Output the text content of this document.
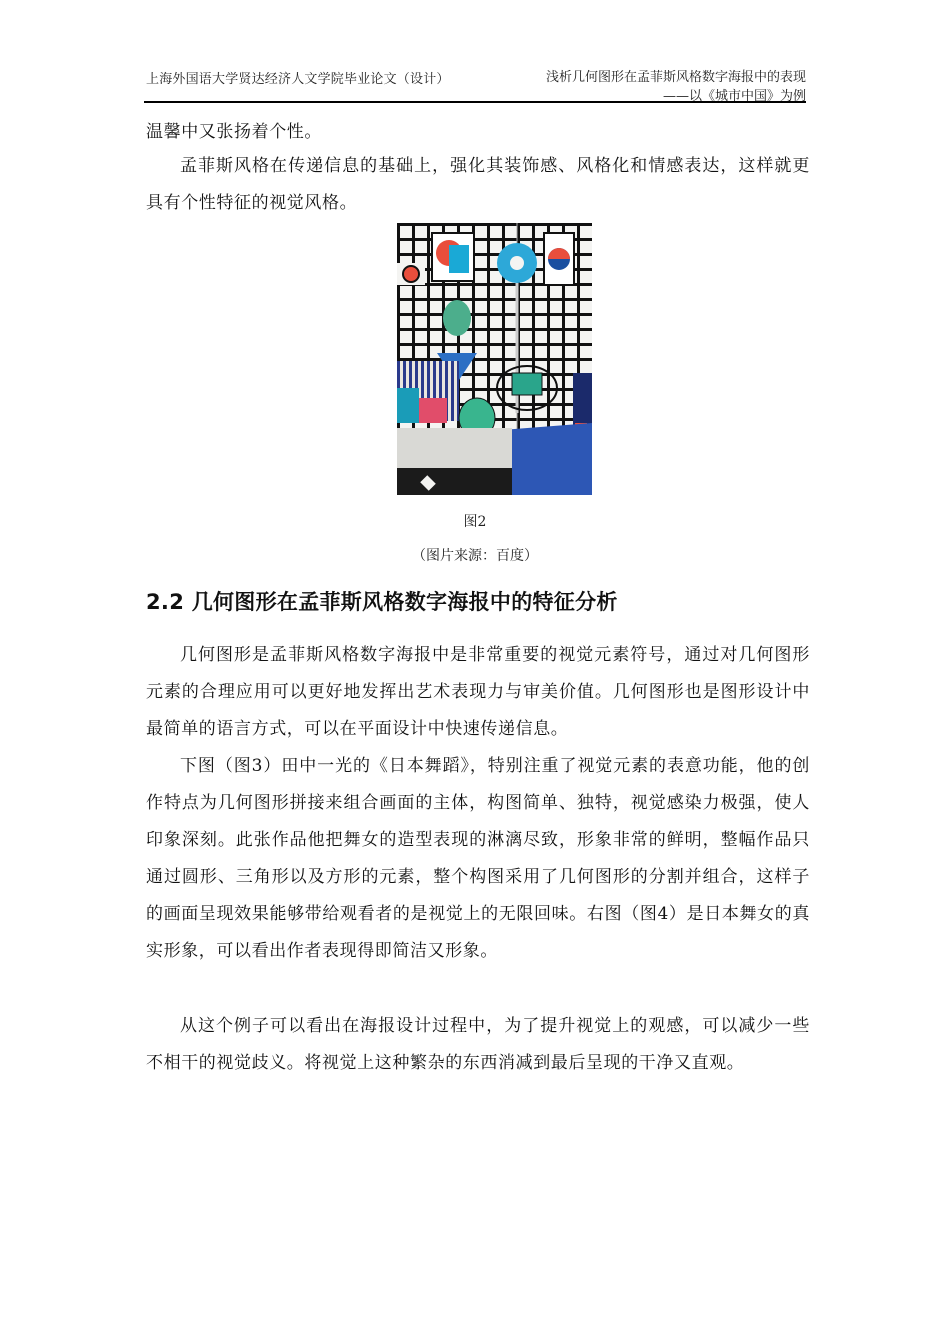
上海外国语大学贤达经济人文学院毕业论文（设计）	浅析几何图形在孟菲斯风格数字海报中的表现
——以《城市中国》为例
温馨中又张扬着个性。
孟菲斯风格在传递信息的基础上，强化其装饰感、风格化和情感表达，这样就更具有个性特征的视觉风格。
图2
（图片来源：百度）
2.2 几何图形在孟菲斯风格数字海报中的特征分析
几何图形是孟菲斯风格数字海报中是非常重要的视觉元素符号，通过对几何图形元素的合理应用可以更好地发挥出艺术表现力与审美价值。几何图形也是图形设计中最简单的语言方式，可以在平面设计中快速传递信息。
下图（图3）田中一光的《日本舞蹈》，特别注重了视觉元素的表意功能，他的创作特点为几何图形拼接来组合画面的主体，构图简单、独特，视觉感染力极强，使人印象深刻。此张作品他把舞女的造型表现的淋漓尽致，形象非常的鲜明，整幅作品只通过圆形、三角形以及方形的元素，整个构图采用了几何图形的分割并组合，这样子的画面呈现效果能够带给观看者的是视觉上的无限回味。右图（图4）是日本舞女的真实形象，可以看出作者表现得即简洁又形象。
从这个例子可以看出在海报设计过程中，为了提升视觉上的观感，可以减少一些不相干的视觉歧义。将视觉上这种繁杂的东西消减到最后呈现的干净又直观。
